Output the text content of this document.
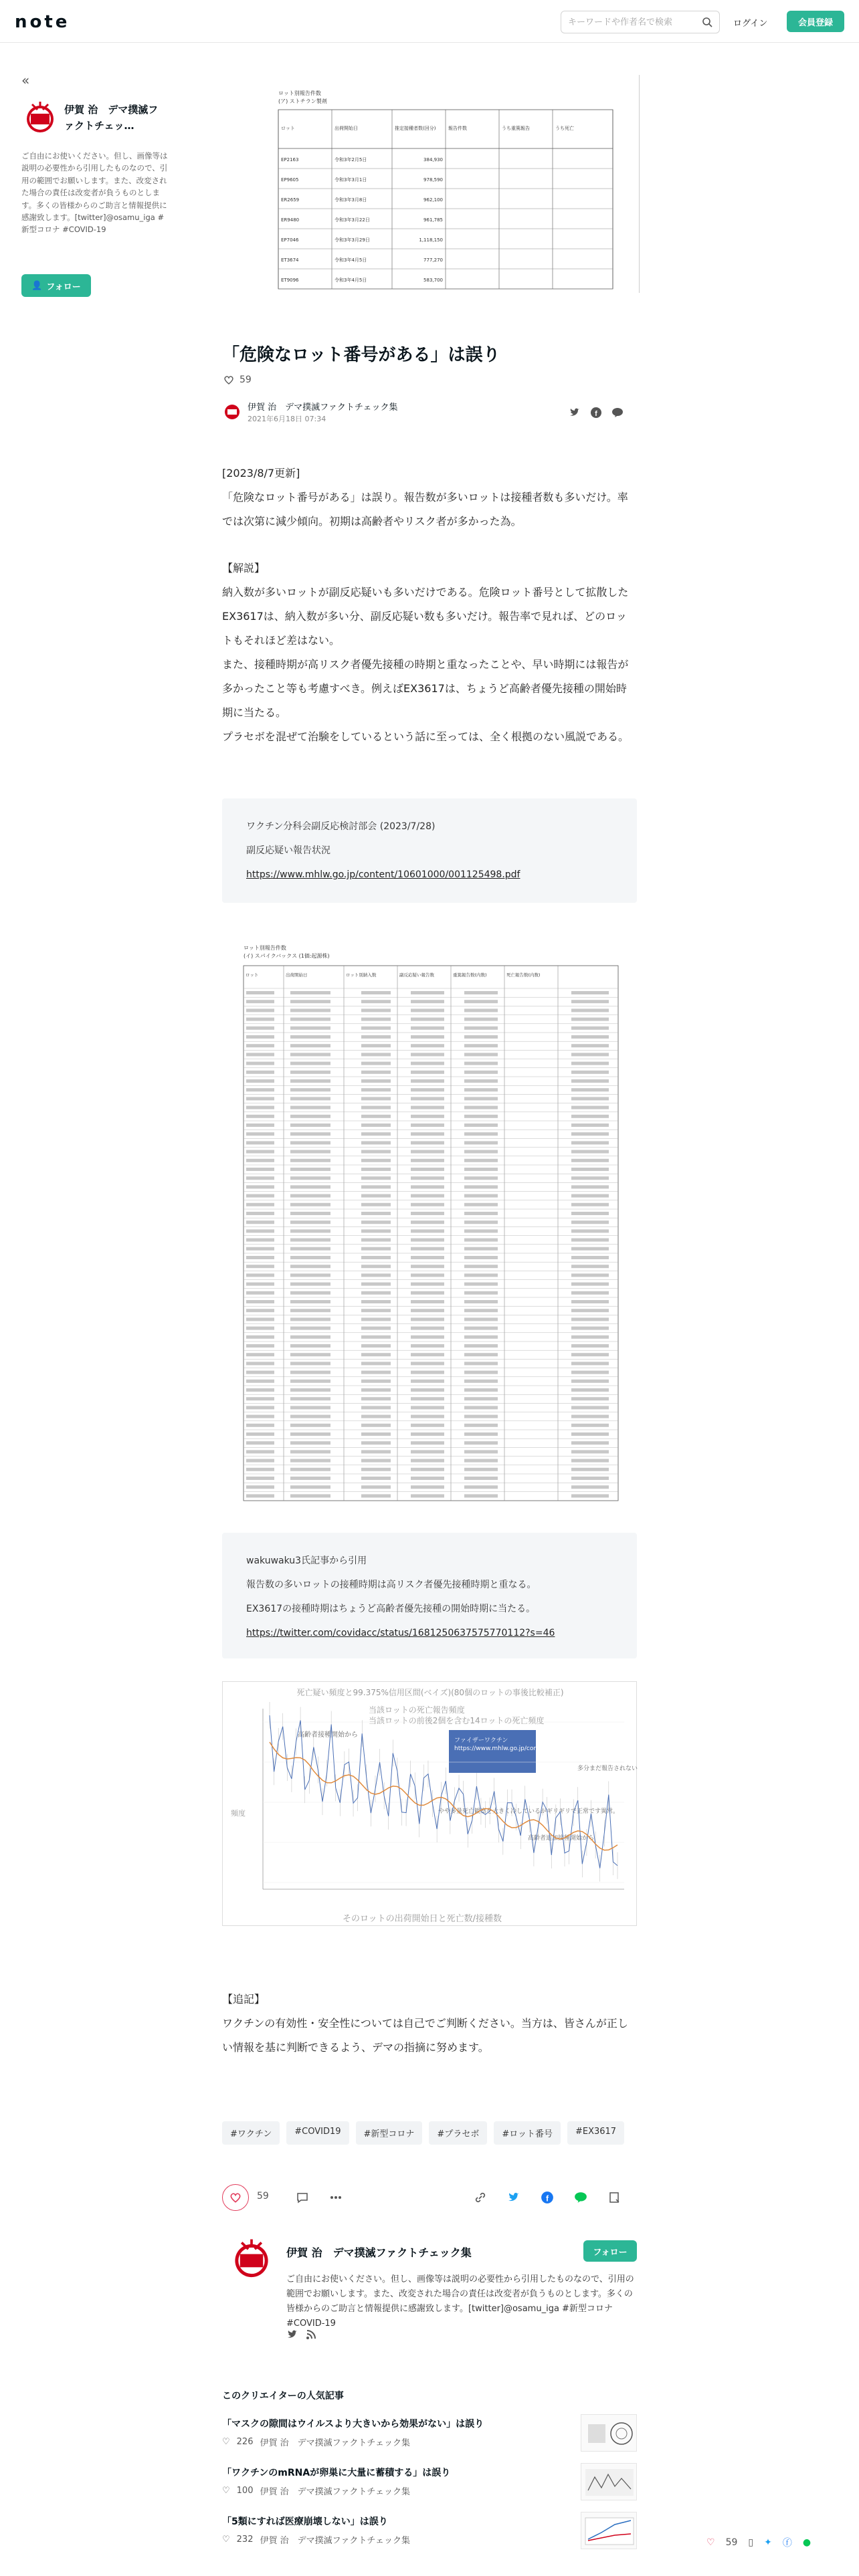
note
キーワードや作者名で検索	ログイン	会員登録
«
伊賀 治　デマ撲滅ファクトチェッ…
ご自由にお使いください。但し、画像等は説明の必要性から引用したものなので、引用の範囲でお願いします。また、改変された場合の責任は改変者が負うものとします。多くの皆様からのご助言と情報提供に感謝致します。[twitter]@osamu_iga #新型コロナ #COVID-19
👤 フォロー
ロット別報告件数(ア) ストチラン製剤
ロット	出荷開始日	推定接種者数(回分)	報告件数	うち重篤報告	うち死亡
EP2163	令和3年2月5日	384,930
EP9605	令和3年3月1日	978,590
ER2659	令和3年3月8日	962,100
ER9480	令和3年3月22日	961,785
EP7046	令和3年3月29日	1,118,150
ET3674	令和3年4月5日	777,270
ET9096	令和3年4月5日	583,700
「危険なロット番号がある」は誤り
59
伊賀 治　デマ撲滅ファクトチェック集
2021年6月18日 07:34
f
[2023/8/7更新]
「危険なロット番号がある」は誤り。報告数が多いロットは接種者数も多いだけ。率では次第に減少傾向。初期は高齢者やリスク者が多かった為。
【解説】
納入数が多いロットが副反応疑いも多いだけである。危険ロット番号として拡散したEX3617は、納入数が多い分、副反応疑い数も多いだけ。報告率で見れば、どのロットもそれほど差はない。
また、接種時期が高リスク者優先接種の時期と重なったことや、早い時期には報告が多かったこと等も考慮すべき。例えばEX3617は、ちょうど高齢者優先接種の開始時期に当たる。
プラセボを混ぜて治験をしているという話に至っては、全く根拠のない風説である。
ワクチン分科会副反応検討部会 (2023/7/28)
副反応疑い報告状況
https://www.mhlw.go.jp/content/10601000/001125498.pdf
ロット別報告件数(イ) スパイクバックス (1価:起源株)
ロット	出荷開始日	ロット別納入数	副反応疑い報告数	重篤報告数(内数)	死亡報告数(内数)
wakuwaku3氏記事から引用
報告数の多いロットの接種時期は高リスク者優先接種時期と重なる。
EX3617の接種時期はちょうど高齢者優先接種の開始時期に当たる。
https://twitter.com/covidacc/status/1681250637575770112?s=46
死亡疑い頻度と99.375%信用区間(ベイズ)(80個のロットの事後比較補正)
当該ロットの死亡報告頻度
当該ロットの前後2個を含む14ロットの死亡頻度
そのロットの出荷開始日と死亡数/接種数
頻度
高齢者接種開始から
やや多量死亡観察を大きく冷しているがギリギリで正常です異常。
高齢者追加接種開始から
多分まだ報告されない
ファイザーワクチン https://www.mhlw.go.jp/content/10601000/000777667.pdf
【追記】
ワクチンの有効性・安全性については自己でご判断ください。当方は、皆さんが正しい情報を基に判断できるよう、デマの指摘に努めます。
#ワクチン	#COVID19	#新型コロナ	#プラセボ	#ロット番号	#EX3617
59	f
伊賀 治　デマ撲滅ファクトチェック集	フォロー
ご自由にお使いください。但し、画像等は説明の必要性から引用したものなので、引用の範囲でお願いします。また、改変された場合の責任は改変者が負うものとします。多くの皆様からのご助言と情報提供に感謝致します。[twitter]@osamu_iga #新型コロナ #COVID-19
このクリエイターの人気記事
「マスクの隙間はウイルスより大きいから効果がない」は誤り
♡ 226 伊賀 治　デマ撲滅ファクトチェック集
「ワクチンのmRNAが卵巣に大量に蓄積する」は誤り
♡ 100 伊賀 治　デマ撲滅ファクトチェック集
「5類にすれば医療崩壊しない」は誤り
♡ 232 伊賀 治　デマ撲滅ファクトチェック集	♡ 59 ▯ ✦ ⓕ ●
